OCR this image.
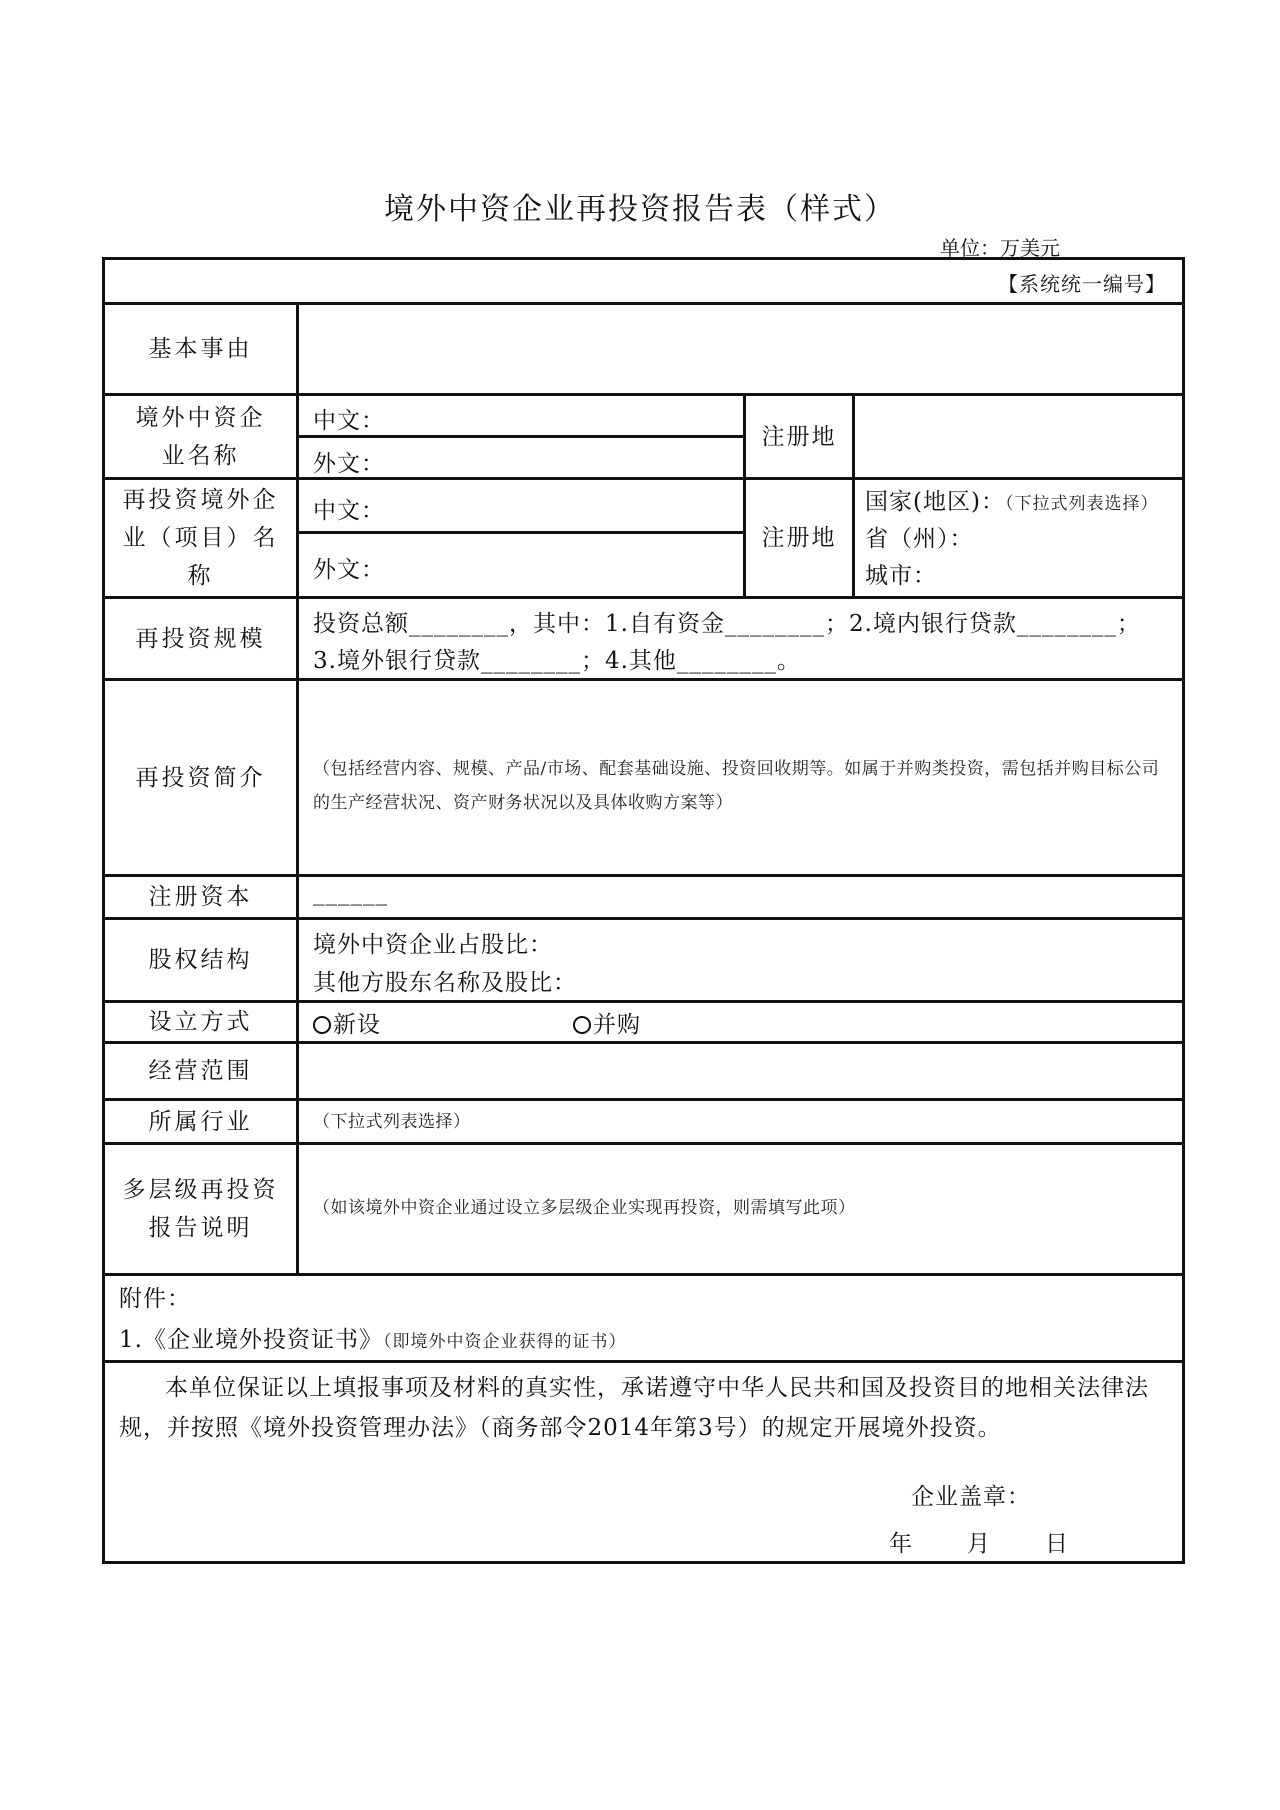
境外中资企业再投资报告表（样式）
单位：万美元
【系统统一编号】
基本事由
境外中资企业名称
再投资境外企业（项目）名称
再投资规模
再投资简介
注册资本
股权结构
设立方式
经营范围
所属行业
多层级再投资报告说明
中文：
外文：
注册地
中文：
外文：
注册地
国家(地区)：（下拉式列表选择）
省（州）：
城市：
投资总额________，其中：1.自有资金________；2.境内银行贷款________；
3.境外银行贷款________；4.其他________。
（包括经营内容、规模、产品/市场、配套基础设施、投资回收期等。如属于并购类投资，需包括并购目标公司的生产经营状况、资产财务状况以及具体收购方案等）
______
境外中资企业占股比：
其他方股东名称及股比：
新设	并购
（下拉式列表选择）
（如该境外中资企业通过设立多层级企业实现再投资，则需填写此项）
附件：
1.《企业境外投资证书》（即境外中资企业获得的证书）
本单位保证以上填报事项及材料的真实性，承诺遵守中华人民共和国及投资目的地相关法律法规，并按照《境外投资管理办法》（商务部令2014年第3号）的规定开展境外投资。
企业盖章：
年 月 日
